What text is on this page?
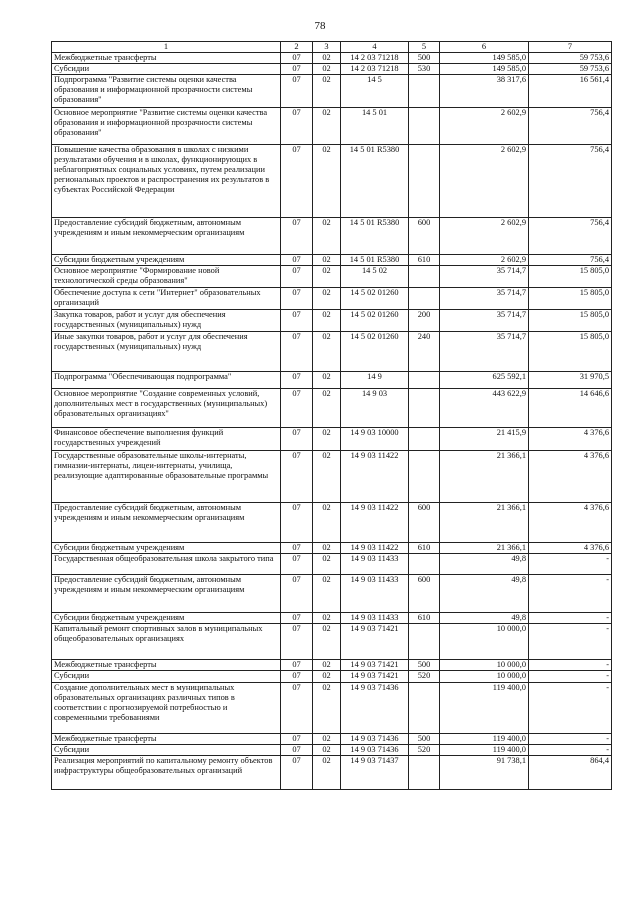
78
1	2	3	4	5	6	7
Межбюджетные трансферты	07	02	14 2 03 71218	500	149 585,0	59 753,6
Субсидии	07	02	14 2 03 71218	530	149 585,0	59 753,6
Подпрограмма "Развитие системы оценки качества образования и информационной прозрачности системы образования"	07	02	14 5		38 317,6	16 561,4
Основное мероприятие "Развитие системы оценки качества образования и информационной прозрачности системы образования"	07	02	14 5 01		2 602,9	756,4
Повышение качества образования в школах с низкими результатами обучения и в школах, функционирующих в неблагоприятных социальных условиях, путем реализации региональных проектов и распространения их результатов в субъектах Российской Федерации	07	02	14 5 01 R5380		2 602,9	756,4
Предоставление субсидий бюджетным, автономным учреждениям и иным некоммерческим организациям	07	02	14 5 01 R5380	600	2 602,9	756,4
Субсидии бюджетным учреждениям	07	02	14 5 01 R5380	610	2 602,9	756,4
Основное мероприятие "Формирование новой технологической среды образования"	07	02	14 5 02		35 714,7	15 805,0
Обеспечение доступа к сети "Интернет" образовательных организаций	07	02	14 5 02 01260		35 714,7	15 805,0
Закупка товаров, работ и услуг для обеспечения государственных (муниципальных) нужд	07	02	14 5 02 01260	200	35 714,7	15 805,0
Иные закупки товаров, работ и услуг для обеспечения государственных (муниципальных) нужд	07	02	14 5 02 01260	240	35 714,7	15 805,0
Подпрограмма "Обеспечивающая подпрограмма"	07	02	14 9		625 592,1	31 970,5
Основное мероприятие "Создание современных условий, дополнительных мест в государственных (муниципальных) образовательных организациях"	07	02	14 9 03		443 622,9	14 646,6
Финансовое обеспечение выполнения функций государственных учреждений	07	02	14 9 03 10000		21 415,9	4 376,6
Государственные образовательные школы-интернаты, гимназии-интернаты, лицеи-интернаты, училища, реализующие адаптированные образовательные программы	07	02	14 9 03 11422		21 366,1	4 376,6
Предоставление субсидий бюджетным, автономным учреждениям и иным некоммерческим организациям	07	02	14 9 03 11422	600	21 366,1	4 376,6
Субсидии бюджетным учреждениям	07	02	14 9 03 11422	610	21 366,1	4 376,6
Государственная общеобразовательная школа закрытого типа	07	02	14 9 03 11433		49,8	-
Предоставление субсидий бюджетным, автономным учреждениям и иным некоммерческим организациям	07	02	14 9 03 11433	600	49,8	-
Субсидии бюджетным учреждениям	07	02	14 9 03 11433	610	49,8	-
Капитальный ремонт спортивных залов в муниципальных общеобразовательных организациях	07	02	14 9 03 71421		10 000,0	-
Межбюджетные трансферты	07	02	14 9 03 71421	500	10 000,0	-
Субсидии	07	02	14 9 03 71421	520	10 000,0	-
Создание дополнительных мест в муниципальных образовательных организациях различных типов в соответствии с прогнозируемой потребностью и современными требованиями	07	02	14 9 03 71436		119 400,0	-
Межбюджетные трансферты	07	02	14 9 03 71436	500	119 400,0	-
Субсидии	07	02	14 9 03 71436	520	119 400,0	-
Реализация мероприятий по капитальному ремонту объектов инфраструктуры общеобразовательных организаций	07	02	14 9 03 71437		91 738,1	864,4
